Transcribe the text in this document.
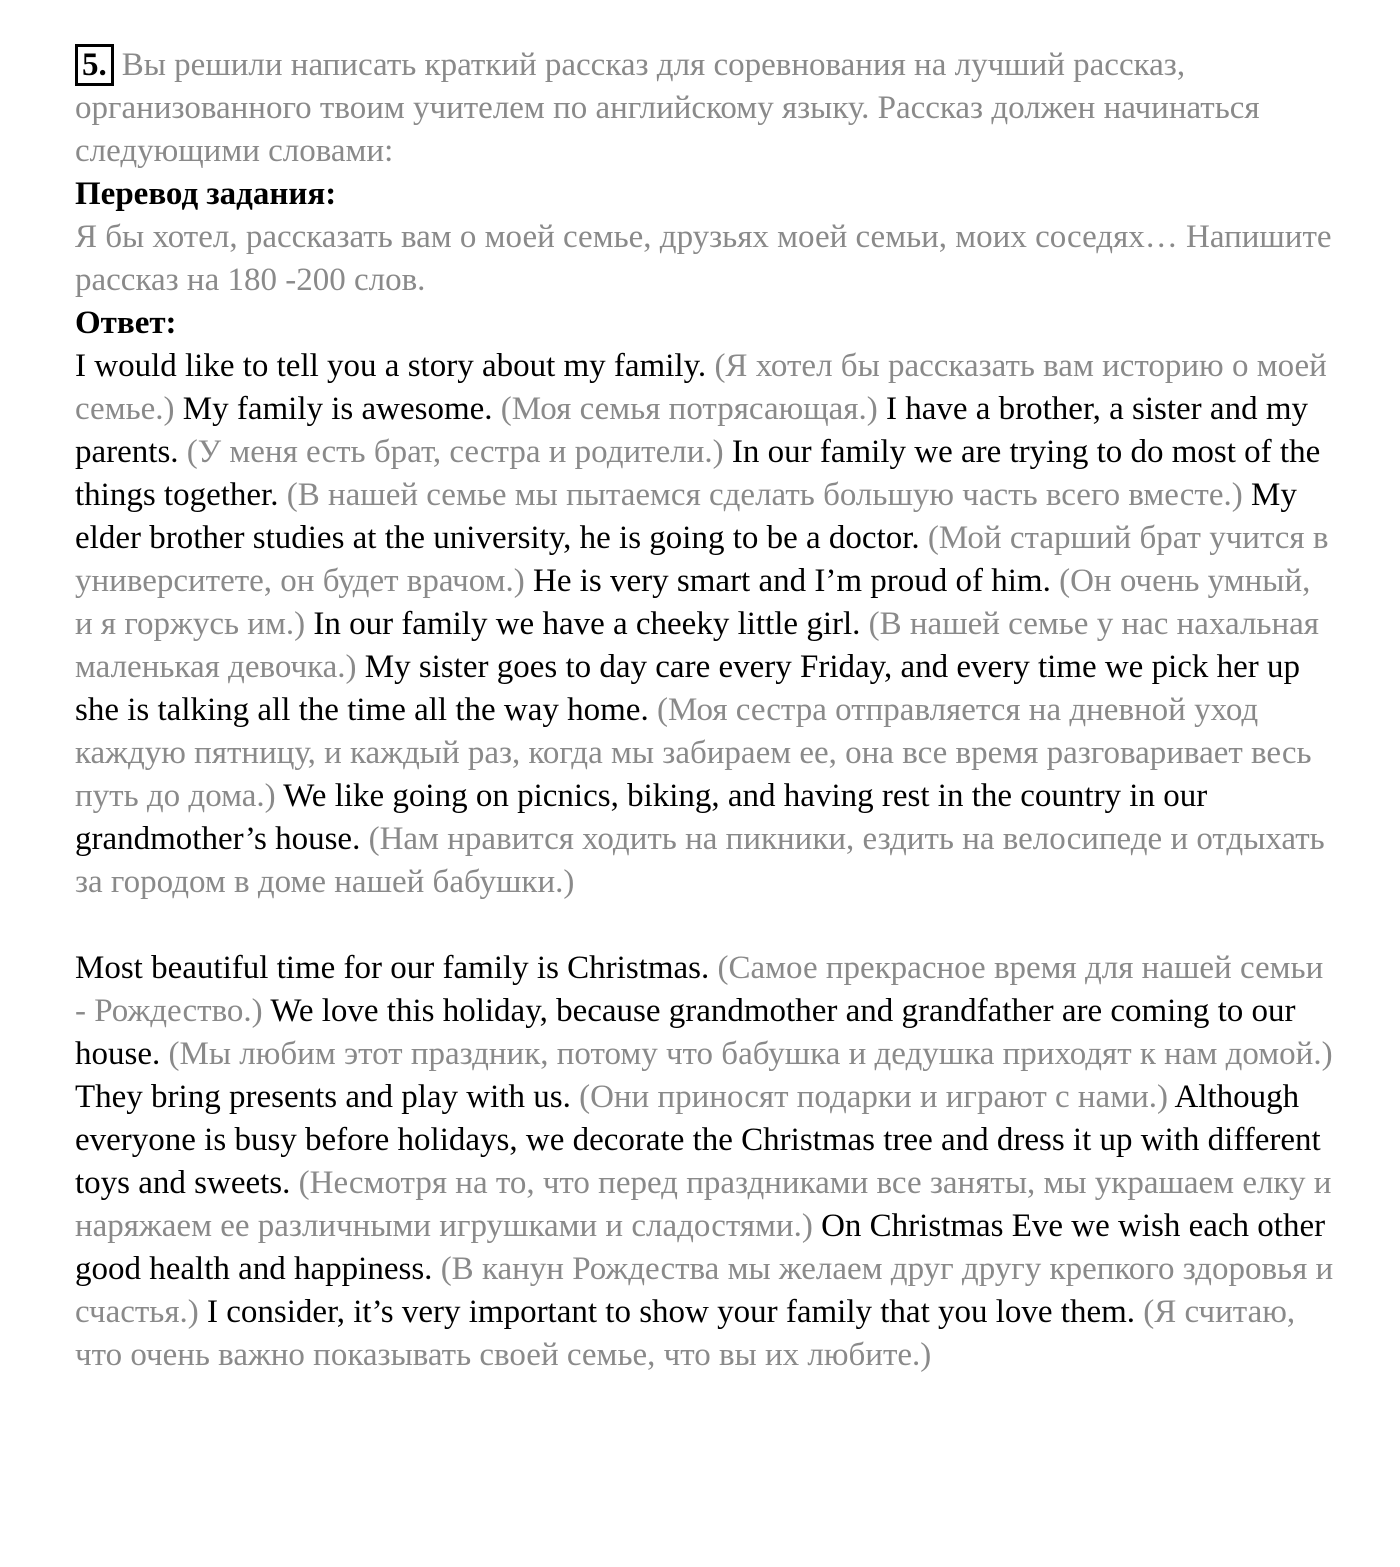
5. Вы решили написать краткий рассказ для соревнования на лучший рассказ, организованного твоим учителем по английскому языку. Рассказ должен начинаться следующими словами:

Перевод задания:

Я бы хотел, рассказать вам о моей семье, друзьях моей семьи, моих соседях… Напишите рассказ на 180 -200 слов.

Ответ:

I would like to tell you a story about my family. (Я хотел бы рассказать вам историю о моей семье.) My family is awesome. (Моя семья потрясающая.) I have a brother, a sister and my parents. (У меня есть брат, сестра и родители.) In our family we are trying to do most of the things together. (В нашей семье мы пытаемся сделать большую часть всего вместе.) My elder brother studies at the university, he is going to be a doctor. (Мой старший брат учится в университете, он будет врачом.) He is very smart and I’m proud of him. (Он очень умный, и я горжусь им.) In our family we have a cheeky little girl. (В нашей семье у нас нахальная маленькая девочка.) My sister goes to day care every Friday, and every time we pick her up she is talking all the time all the way home. (Моя сестра отправляется на дневной уход каждую пятницу, и каждый раз, когда мы забираем ее, она все время разговаривает весь путь до дома.) We like going on picnics, biking, and having rest in the country in our grandmother’s house. (Нам нравится ходить на пикники, ездить на велосипеде и отдыхать за городом в доме нашей бабушки.)

Most beautiful time for our family is Christmas. (Самое прекрасное время для нашей семьи - Рождество.) We love this holiday, because grandmother and grandfather are coming to our house. (Мы любим этот праздник, потому что бабушка и дедушка приходят к нам домой.) They bring presents and play with us. (Они приносят подарки и играют с нами.) Although everyone is busy before holidays, we decorate the Christmas tree and dress it up with different toys and sweets. (Несмотря на то, что перед праздниками все заняты, мы украшаем елку и наряжаем ее различными игрушками и сладостями.) On Christmas Eve we wish each other good health and happiness. (В канун Рождества мы желаем друг другу крепкого здоровья и счастья.) I consider, it’s very important to show your family that you love them. (Я считаю, что очень важно показывать своей семье, что вы их любите.)
